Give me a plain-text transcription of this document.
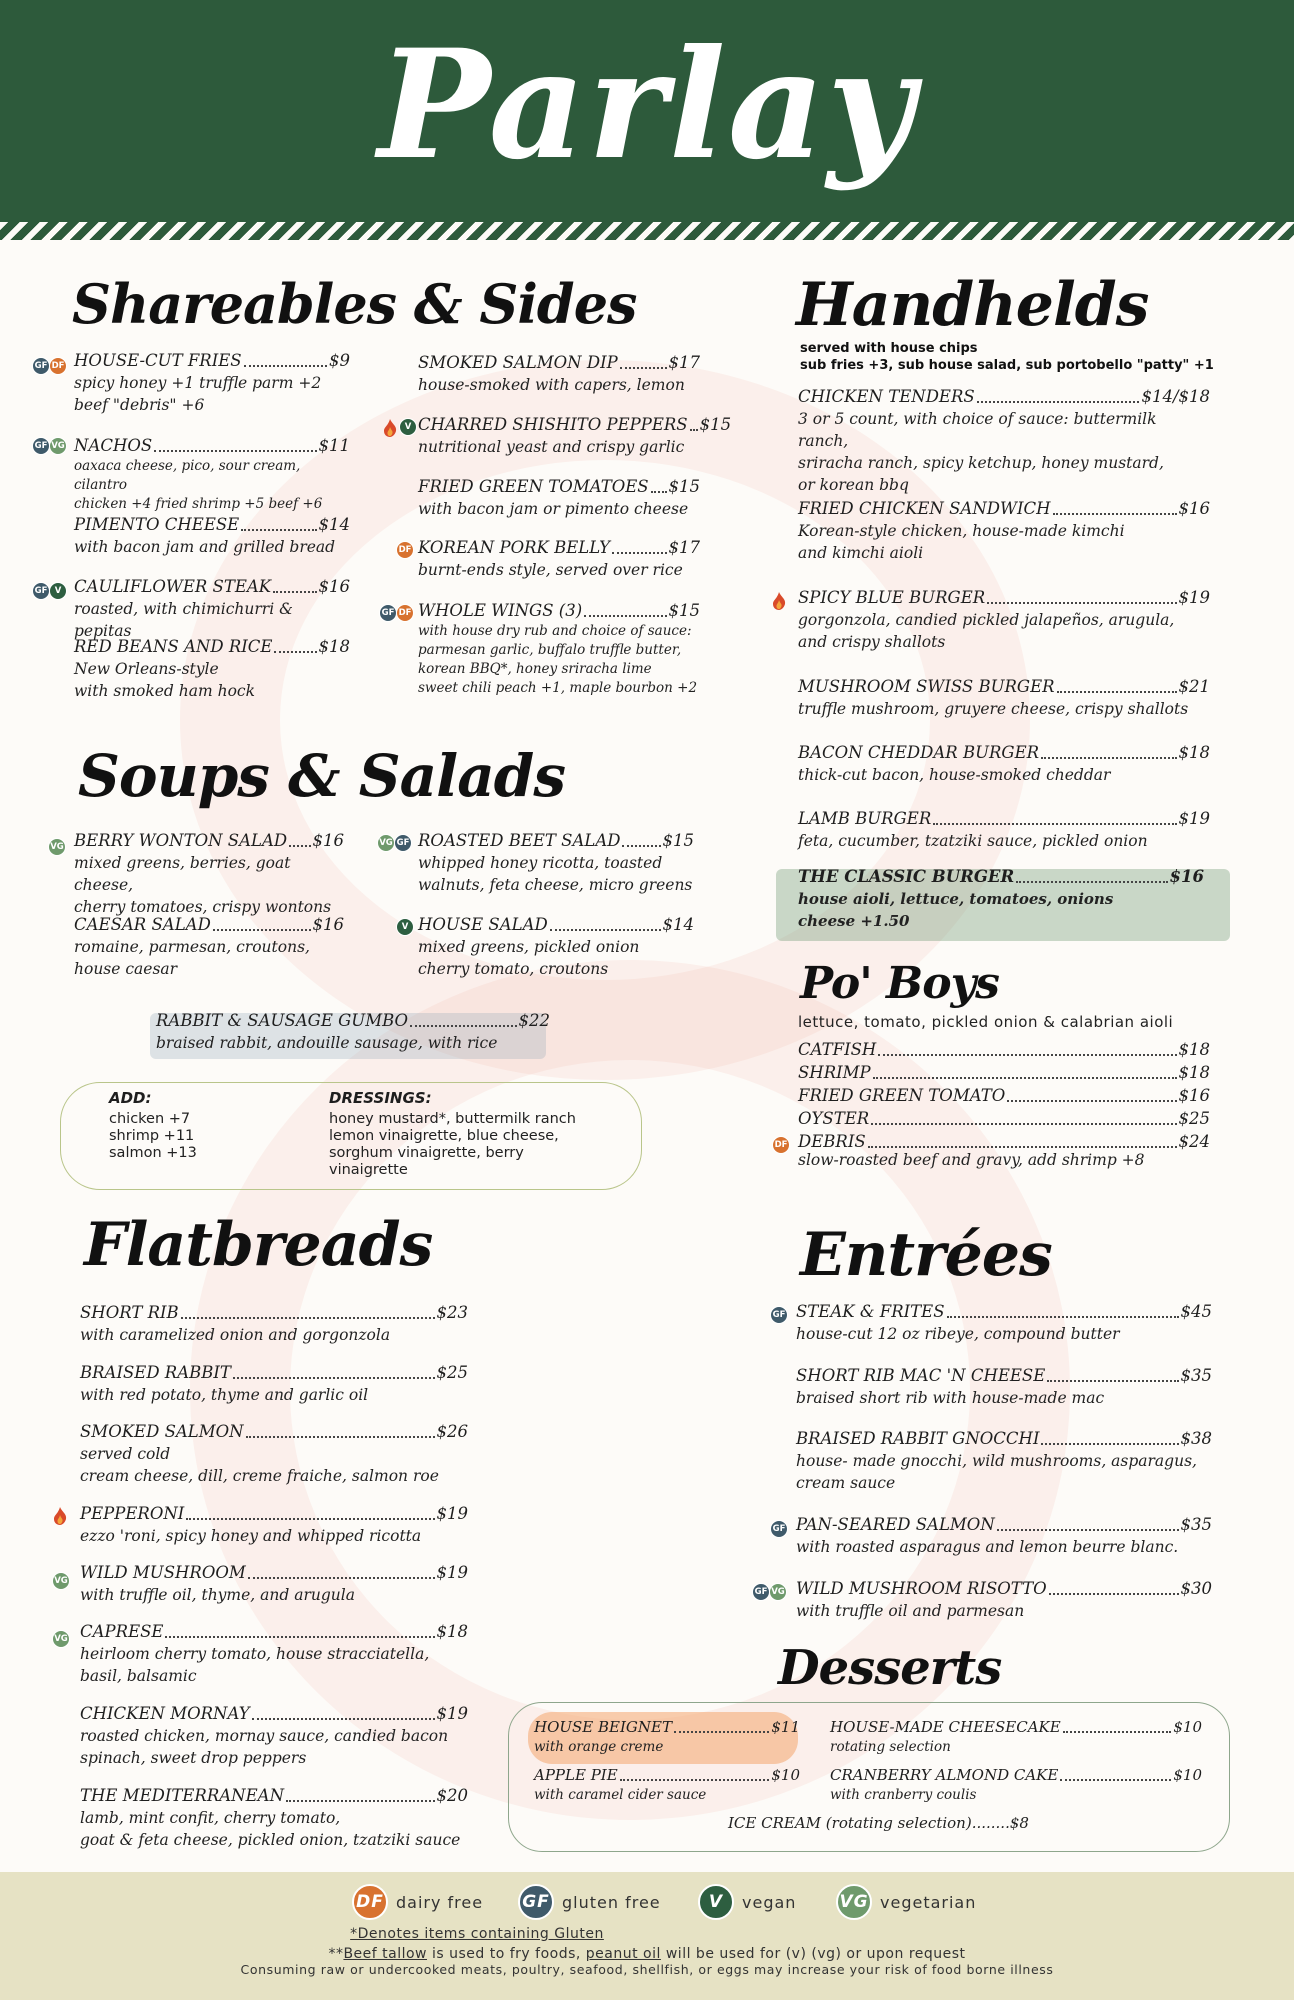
Parlay
Shareables & Sides	Handhelds
Soups & Salads
Po' Boys
Flatbreads	Entrées
Desserts
GF DF HOUSE-CUT FRIES	$9
spicy honey +1 truffle parm +2
beef "debris" +6
GF VG NACHOS	$11
oaxaca cheese, pico, sour cream, cilantro
chicken +4 fried shrimp +5 beef +6
PIMENTO CHEESE	$14
with bacon jam and grilled bread
GF V CAULIFLOWER STEAK	$16
roasted, with chimichurri & pepitas
RED BEANS AND RICE	$18
New Orleans-style
with smoked ham hock
SMOKED SALMON DIP	$17
house-smoked with capers, lemon
V CHARRED SHISHITO PEPPERS $15
nutritional yeast and crispy garlic
FRIED GREEN TOMATOES $15
with bacon jam or pimento cheese
DF KOREAN PORK BELLY	$17
burnt-ends style, served over rice
GF DF WHOLE WINGS (3)	$15
with house dry rub and choice of sauce:
parmesan garlic, buffalo truffle butter,
korean BBQ*, honey sriracha lime
sweet chili peach +1, maple bourbon +2
served with house chips
sub fries +3, sub house salad, sub portobello "patty" +1
CHICKEN TENDERS	$14/$18
3 or 5 count, with choice of sauce: buttermilk ranch,
sriracha ranch, spicy ketchup, honey mustard,
or korean bbq
FRIED CHICKEN SANDWICH	$16
Korean-style chicken, house-made kimchi
and kimchi aioli
SPICY BLUE BURGER	$19
gorgonzola, candied pickled jalapeños, arugula,
and crispy shallots
MUSHROOM SWISS BURGER	$21
truffle mushroom, gruyere cheese, crispy shallots
BACON CHEDDAR BURGER	$18
thick-cut bacon, house-smoked cheddar
LAMB BURGER	$19
feta, cucumber, tzatziki sauce, pickled onion
THE CLASSIC BURGER	$16
house aioli, lettuce, tomatoes, onions
cheese +1.50
VG BERRY WONTON SALAD $16
mixed greens, berries, goat cheese,
cherry tomatoes, crispy wontons
CAESAR SALAD	$16
romaine, parmesan, croutons,
house caesar
VG GF ROASTED BEET SALAD	$15
whipped honey ricotta, toasted
walnuts, feta cheese, micro greens
V HOUSE SALAD	$14
mixed greens, pickled onion
cherry tomato, croutons
RABBIT & SAUSAGE GUMBO	$22
braised rabbit, andouille sausage, with rice
ADD:
chicken +7
shrimp +11
salmon +13
DRESSINGS:
honey mustard*, buttermilk ranch
lemon vinaigrette, blue cheese,
sorghum vinaigrette, berry
vinaigrette
lettuce, tomato, pickled onion & calabrian aioli
CATFISH	$18
SHRIMP	$18
FRIED GREEN TOMATO	$16
OYSTER	$25
DF DEBRIS	$24
slow-roasted beef and gravy, add shrimp +8
SHORT RIB	$23
with caramelized onion and gorgonzola
BRAISED RABBIT	$25
with red potato, thyme and garlic oil
SMOKED SALMON	$26
served cold
cream cheese, dill, creme fraiche, salmon roe
PEPPERONI	$19
ezzo 'roni, spicy honey and whipped ricotta
VG WILD MUSHROOM	$19
with truffle oil, thyme, and arugula
VG CAPRESE	$18
heirloom cherry tomato, house stracciatella,
basil, balsamic
CHICKEN MORNAY	$19
roasted chicken, mornay sauce, candied bacon
spinach, sweet drop peppers
THE MEDITERRANEAN	$20
lamb, mint confit, cherry tomato,
goat & feta cheese, pickled onion, tzatziki sauce
GF STEAK & FRITES	$45
house-cut 12 oz ribeye, compound butter
SHORT RIB MAC 'N CHEESE	$35
braised short rib with house-made mac
BRAISED RABBIT GNOCCHI	$38
house- made gnocchi, wild mushrooms, asparagus,
cream sauce
GF PAN-SEARED SALMON	$35
with roasted asparagus and lemon beurre blanc.
GF VG WILD MUSHROOM RISOTTO	$30
with truffle oil and parmesan
HOUSE BEIGNET	$11
with orange creme
APPLE PIE	$10
with caramel cider sauce
HOUSE-MADE CHEESECAKE	$10
rotating selection
CRANBERRY ALMOND CAKE	$10
with cranberry coulis
ICE CREAM (rotating selection)........$8
DF dairy free GF gluten free	V	vegan	VG vegetarian
*Denotes items containing Gluten
**Beef tallow is used to fry foods, peanut oil will be used for (v) (vg) or upon request
Consuming raw or undercooked meats, poultry, seafood, shellfish, or eggs may increase your risk of food borne illness
